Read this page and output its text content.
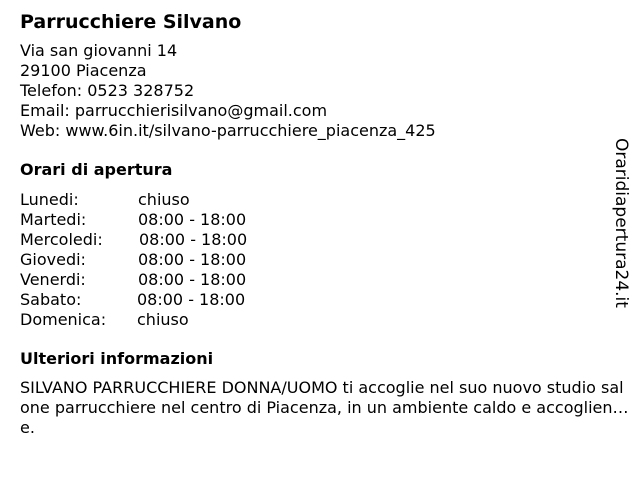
Parrucchiere Silvano
Via san giovanni 14
29100 Piacenza
Telefon: 0523 328752
Email: parrucchierisilvano@gmail.com
Web: www.6in.it/silvano-parrucchiere_piacenza_425
Orari di apertura
Lunedi:	chiuso
Martedi:	08:00 - 18:00
Mercoledi:	08:00 - 18:00
Giovedi:	08:00 - 18:00
Venerdi:	08:00 - 18:00
Sabato:	08:00 - 18:00
Domenica:	chiuso
Ulteriori informazioni
SILVANO PARRUCCHIERE DONNA/UOMO ti accoglie nel suo nuovo studio salone parrucchiere nel centro di Piacenza, in un ambiente caldo e accogliente.
Oraridiapertura24.it
